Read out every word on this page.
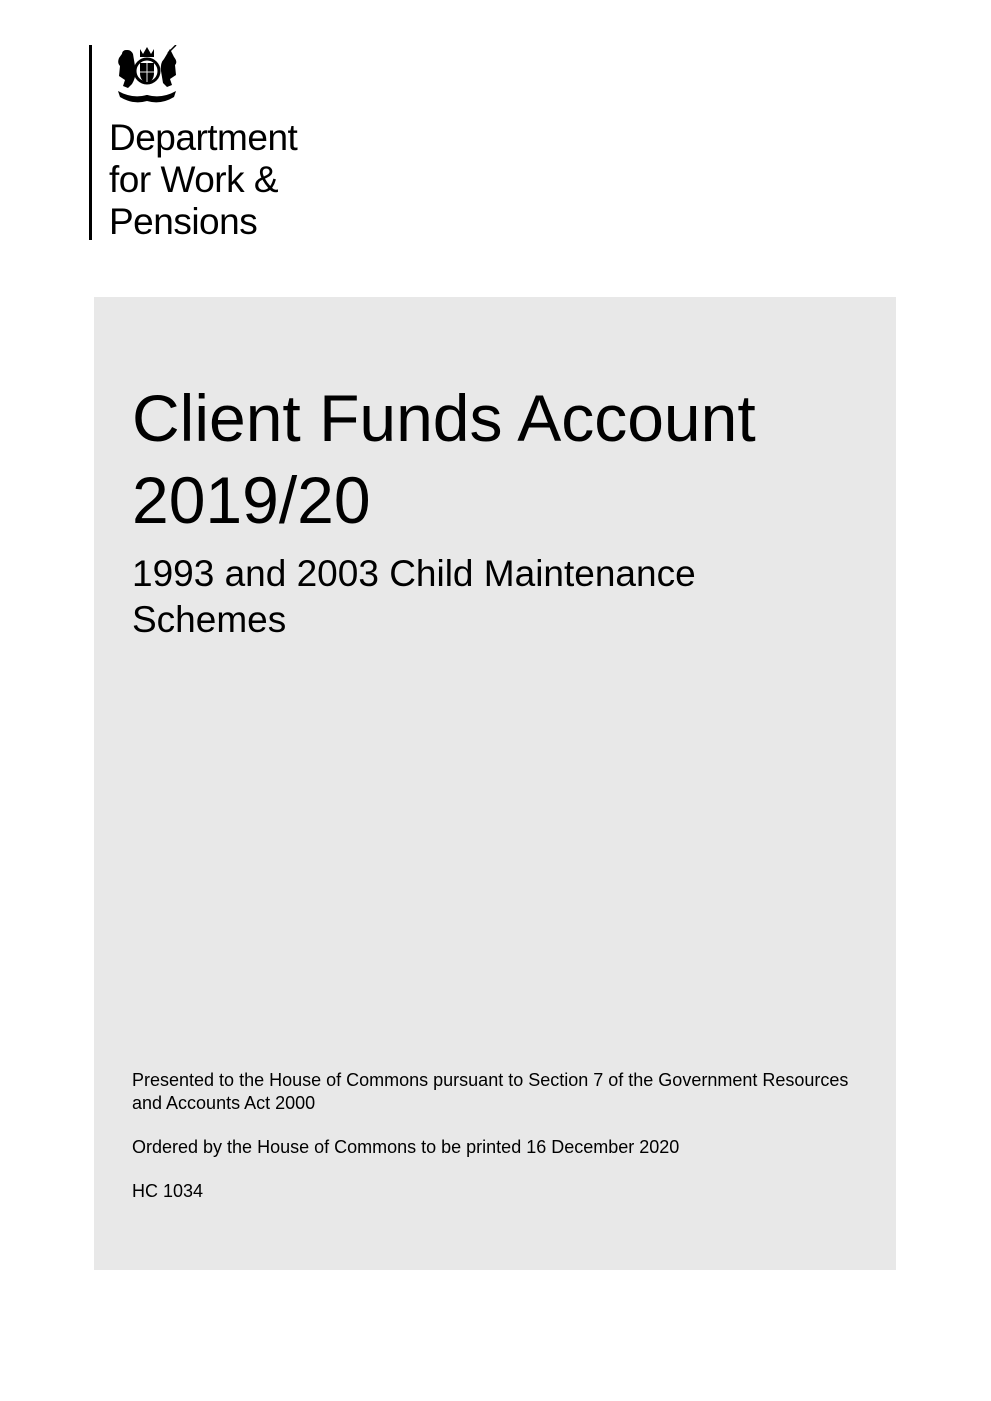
Department
for Work &
Pensions
Client Funds Account
2019/20
1993 and 2003 Child Maintenance
Schemes

Presented to the House of Commons pursuant to Section 7 of the Government Resources and Accounts Act 2000

Ordered by the House of Commons to be printed 16 December 2020

HC 1034
